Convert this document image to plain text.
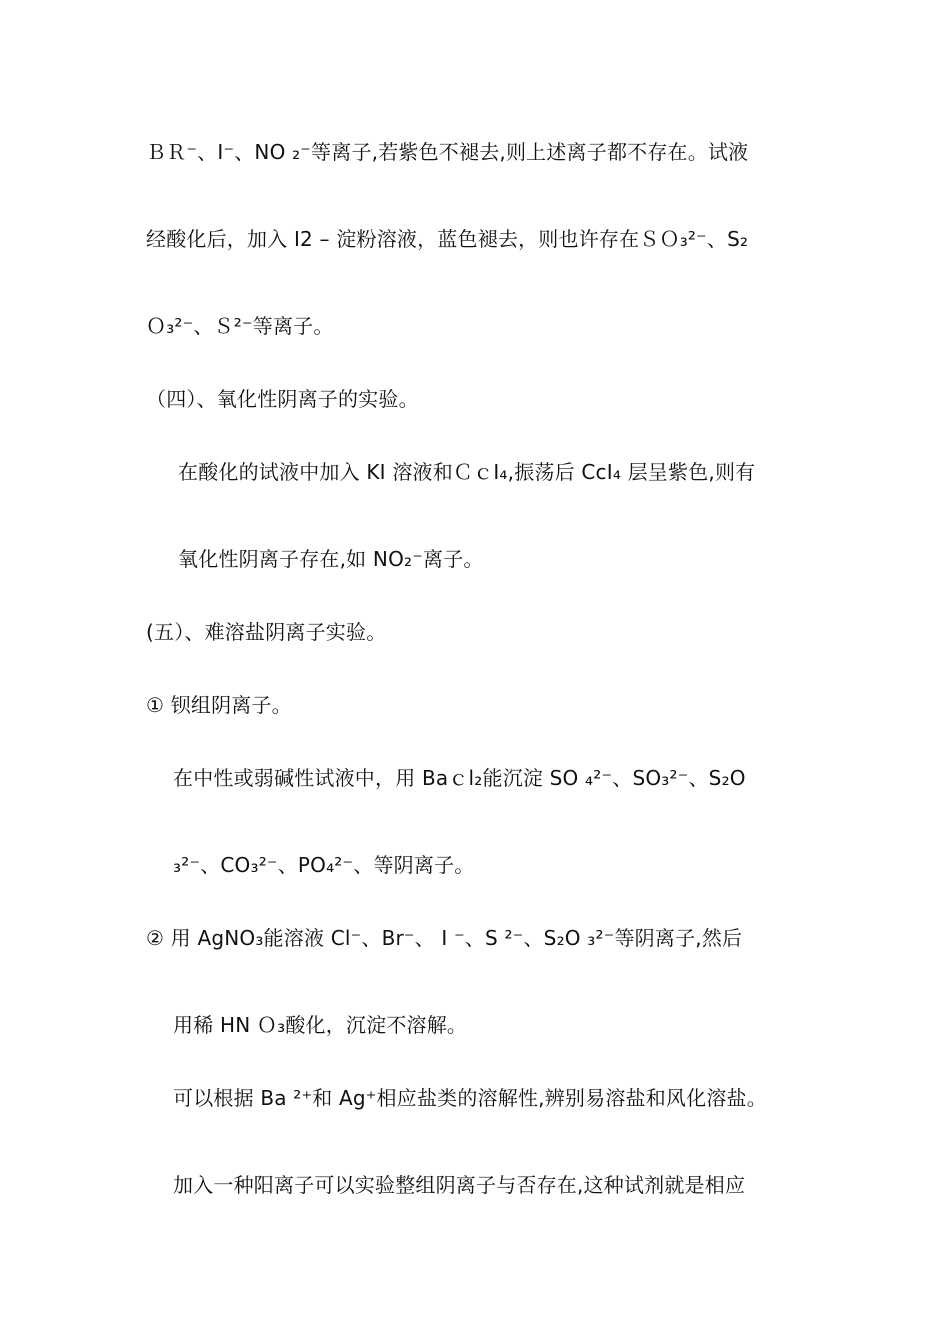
ＢＲ⁻、I⁻、NO ₂⁻等离子,若紫色不褪去,则上述离子都不存在。试液
经酸化后，加入 I2 – 淀粉溶液，蓝色褪去，则也许存在ＳＯ₃²⁻、S₂
Ｏ₃²⁻、Ｓ²⁻等离子。
（四）、氧化性阴离子的实验。
在酸化的试液中加入 KI 溶液和ＣｃI₄,振荡后 CcI₄ 层呈紫色,则有
氧化性阴离子存在,如 NO₂⁻离子。
(五）、难溶盐阴离子实验。
① 钡组阴离子。
在中性或弱碱性试液中，用 Baｃl₂能沉淀 SO ₄²⁻、SO₃²⁻、S₂O
₃²⁻、CO₃²⁻、PO₄²⁻、等阴离子。
② 用 AgNO₃能溶液 Cl⁻、Br⁻、 I ⁻、S ²⁻、S₂O ₃²⁻等阴离子,然后
用稀 HN Ｏ₃酸化，沉淀不溶解。
可以根据 Ba ²⁺和 Ag⁺相应盐类的溶解性,辨别易溶盐和风化溶盐。
加入一种阳离子可以实验整组阴离子与否存在,这种试剂就是相应
